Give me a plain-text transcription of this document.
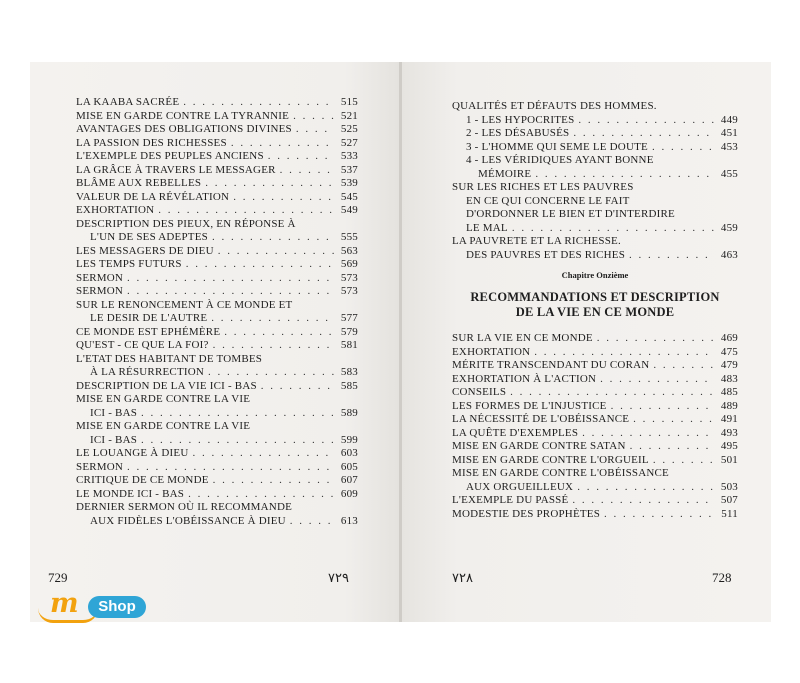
LA KAABA SACRÉE . . .	515
MISE EN GARDE CONTRE LA TYRANNIE . . .	521
AVANTAGES DES OBLIGATIONS DIVINES . . .	525
LA PASSION DES RICHESSES . . .	527
L'EXEMPLE DES PEUPLES ANCIENS . . .	533
LA GRÂCE À TRAVERS LE MESSAGER . . .	537
BLÂME AUX REBELLES . . .	539
VALEUR DE LA RÉVÉLATION . . .	545
EXHORTATION . . .	549
DESCRIPTION DES PIEUX, EN RÉPONSE À
L'UN DE SES ADEPTES . . .	555
LES MESSAGERS DE DIEU . . .	563
LES TEMPS FUTURS . . .	569
SERMON . . .	573
SERMON . . .	573
SUR LE RENONCEMENT À CE MONDE ET
LE DESIR DE L'AUTRE . . .	577
CE MONDE EST EPHÉMÈRE . . .	579
QU'EST - CE QUE LA FOI? . . .	581
L'ETAT DES HABITANT DE TOMBES
À LA RÉSURRECTION . . .	583
DESCRIPTION DE LA VIE ICI - BAS . . .	585
MISE EN GARDE CONTRE LA VIE
ICI - BAS . . .	589
MISE EN GARDE CONTRE LA VIE
ICI - BAS . . .	599
LE LOUANGE À DIEU . . .	603
SERMON . . .	605
CRITIQUE DE CE MONDE . . .	607
LE MONDE ICI - BAS . . .	609
DERNIER SERMON OÙ IL RECOMMANDE
AUX FIDÈLES L'OBÉISSANCE À DIEU . . .	613
729	٧٢٩
QUALITÉS ET DÉFAUTS DES HOMMES.
1 - LES HYPOCRITES . . .	449
2 - LES DÉSABUSÉS . . .	451
3 - L'HOMME QUI SEME LE DOUTE . . .	453
4 - LES VÉRIDIQUES AYANT BONNE
MÉMOIRE . . .	455
SUR LES RICHES ET LES PAUVRES
EN CE QUI CONCERNE LE FAIT
D'ORDONNER LE BIEN ET D'INTERDIRE
LE MAL . . .	459
LA PAUVRETE ET LA RICHESSE.
DES PAUVRES ET DES RICHES . . .	463
Chapitre Onzième
RECOMMANDATIONS ET DESCRIPTION
DE LA VIE EN CE MONDE
SUR LA VIE EN CE MONDE . . .	469
EXHORTATION . . .	475
MÉRITE TRANSCENDANT DU CORAN . . .	479
EXHORTATION À L'ACTION . . .	483
CONSEILS . . .	485
LES FORMES DE L'INJUSTICE . . .	489
LA NÉCESSITÉ DE L'OBÉISSANCE . . .	491
LA QUÊTE D'EXEMPLES . . .	493
MISE EN GARDE CONTRE SATAN . . .	495
MISE EN GARDE CONTRE L'ORGUEIL . . .	501
MISE EN GARDE CONTRE L'OBÉISSANCE
AUX ORGUEILLEUX . . .	503
L'EXEMPLE DU PASSÉ . . .	507
MODESTIE DES PROPHÈTES . . .	511
٧٢٨	728
m	Shop
